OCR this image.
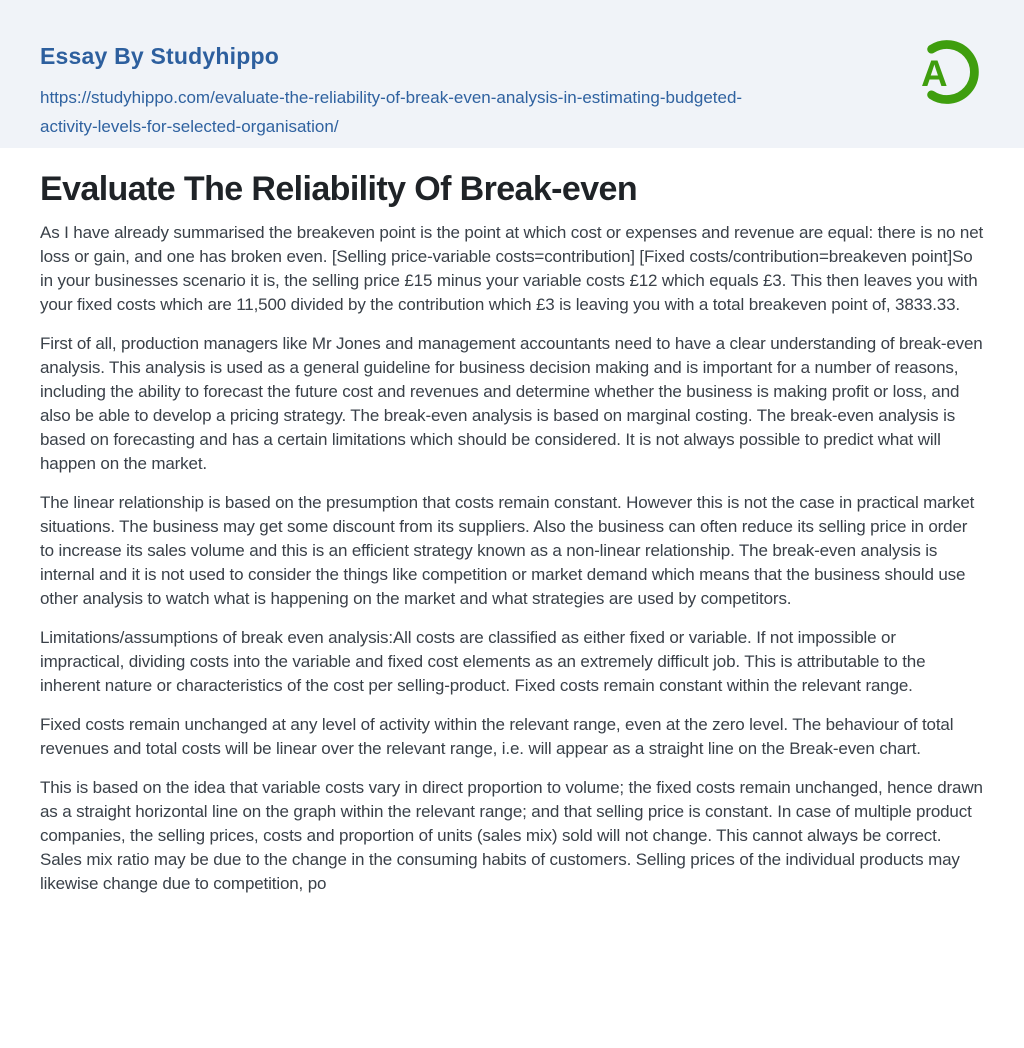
Essay By Studyhippo
https://studyhippo.com/evaluate-the-reliability-of-break-even-analysis-in-estimating-budgeted-activity-levels-for-selected-organisation/
A
Evaluate The Reliability Of Break-even

As I have already summarised the breakeven point is the point at which cost or expenses and revenue are equal: there is no net loss or gain, and one has broken even. [Selling price-variable costs=contribution] [Fixed costs/contribution=breakeven point]So in your businesses scenario it is, the selling price £15 minus your variable costs £12 which equals £3. This then leaves you with your fixed costs which are 11,500 divided by the contribution which £3 is leaving you with a total breakeven point of, 3833.33.

First of all, production managers like Mr Jones and management accountants need to have a clear understanding of break-even analysis. This analysis is used as a general guideline for business decision making and is important for a number of reasons, including the ability to forecast the future cost and revenues and determine whether the business is making profit or loss, and also be able to develop a pricing strategy. The break-even analysis is based on marginal costing. The break-even analysis is based on forecasting and has a certain limitations which should be considered. It is not always possible to predict what will happen on the market.

The linear relationship is based on the presumption that costs remain constant. However this is not the case in practical market situations. The business may get some discount from its suppliers. Also the business can often reduce its selling price in order to increase its sales volume and this is an efficient strategy known as a non-linear relationship. The break-even analysis is internal and it is not used to consider the things like competition or market demand which means that the business should use other analysis to watch what is happening on the market and what strategies are used by competitors.

Limitations/assumptions of break even analysis:All costs are classified as either fixed or variable. If not impossible or impractical, dividing costs into the variable and fixed cost elements as an extremely difficult job. This is attributable to the inherent nature or characteristics of the cost per selling-product. Fixed costs remain constant within the relevant range.

Fixed costs remain unchanged at any level of activity within the relevant range, even at the zero level. The behaviour of total revenues and total costs will be linear over the relevant range, i.e. will appear as a straight line on the Break-even chart.

This is based on the idea that variable costs vary in direct proportion to volume; the fixed costs remain unchanged, hence drawn as a straight horizontal line on the graph within the relevant range; and that selling price is constant. In case of multiple product companies, the selling prices, costs and proportion of units (sales mix) sold will not change. This cannot always be correct. Sales mix ratio may be due to the change in the consuming habits of customers. Selling prices of the individual products may likewise change due to competition, po
